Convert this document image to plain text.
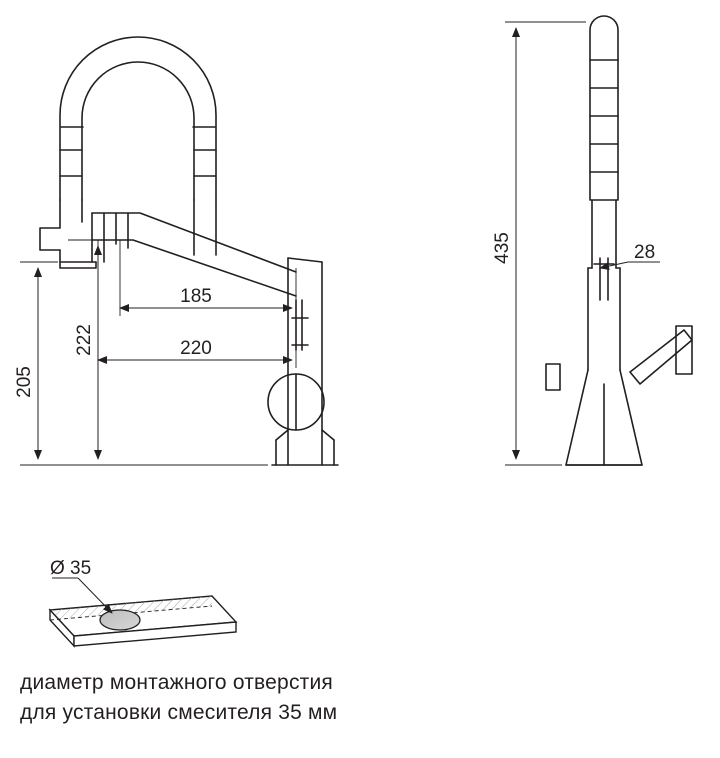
205
222
185
220
435	28
Ø 35
диаметр монтажного отверстия
для установки смесителя 35 мм
